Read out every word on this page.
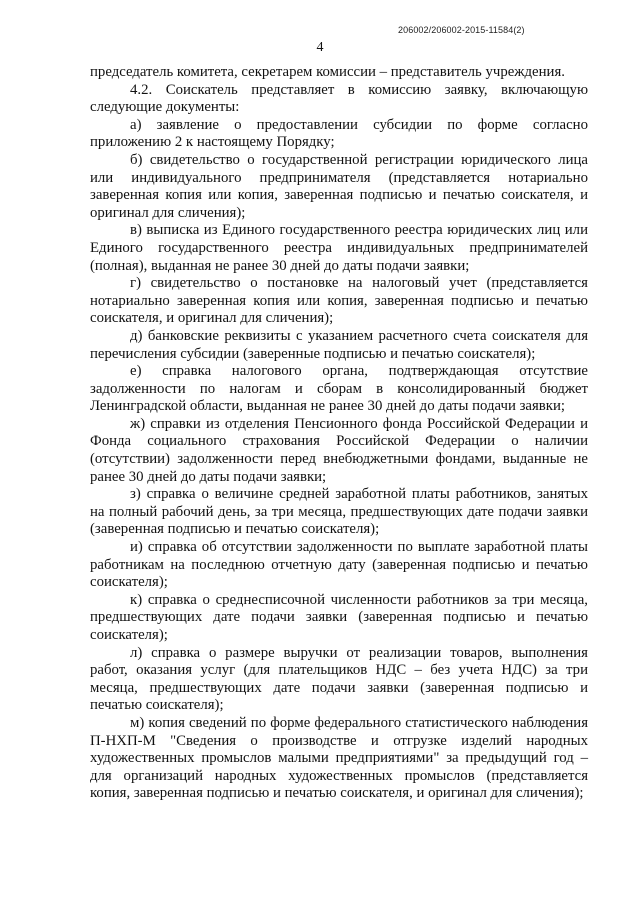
206002/206002-2015-11584(2)
4

председатель комитета, секретарем комиссии – представитель учреждения.

4.2. Соискатель представляет в комиссию заявку, включающую следующие документы:

а) заявление о предоставлении субсидии по форме согласно приложению 2 к настоящему Порядку;

б) свидетельство о государственной регистрации юридического лица или индивидуального предпринимателя (представляется нотариально заверенная копия или копия, заверенная подписью и печатью соискателя, и оригинал для сличения);

в) выписка из Единого государственного реестра юридических лиц или Единого государственного реестра индивидуальных предпринимателей (полная), выданная не ранее 30 дней до даты подачи заявки;

г) свидетельство о постановке на налоговый учет (представляется нотариально заверенная копия или копия, заверенная подписью и печатью соискателя, и оригинал для сличения);

д) банковские реквизиты с указанием расчетного счета соискателя для перечисления субсидии (заверенные подписью и печатью соискателя);

е) справка налогового органа, подтверждающая отсутствие задолженности по налогам и сборам в консолидированный бюджет Ленинградской области, выданная не ранее 30 дней до даты подачи заявки;

ж) справки из отделения Пенсионного фонда Российской Федерации и Фонда социального страхования Российской Федерации о наличии (отсутствии) задолженности перед внебюджетными фондами, выданные не ранее 30 дней до даты подачи заявки;

з) справка о величине средней заработной платы работников, занятых на полный рабочий день, за три месяца, предшествующих дате подачи заявки (заверенная подписью и печатью соискателя);

и) справка об отсутствии задолженности по выплате заработной платы работникам на последнюю отчетную дату (заверенная подписью и печатью соискателя);

к) справка о среднесписочной численности работников за три месяца, предшествующих дате подачи заявки (заверенная подписью и печатью соискателя);

л) справка о размере выручки от реализации товаров, выполнения работ, оказания услуг (для плательщиков НДС – без учета НДС) за три месяца, предшествующих дате подачи заявки (заверенная подписью и печатью соискателя);

м) копия сведений по форме федерального статистического наблюдения П-НХП-М "Сведения о производстве и отгрузке изделий народных художественных промыслов малыми предприятиями" за предыдущий год – для организаций народных художественных промыслов (представляется копия, заверенная подписью и печатью соискателя, и оригинал для сличения);
